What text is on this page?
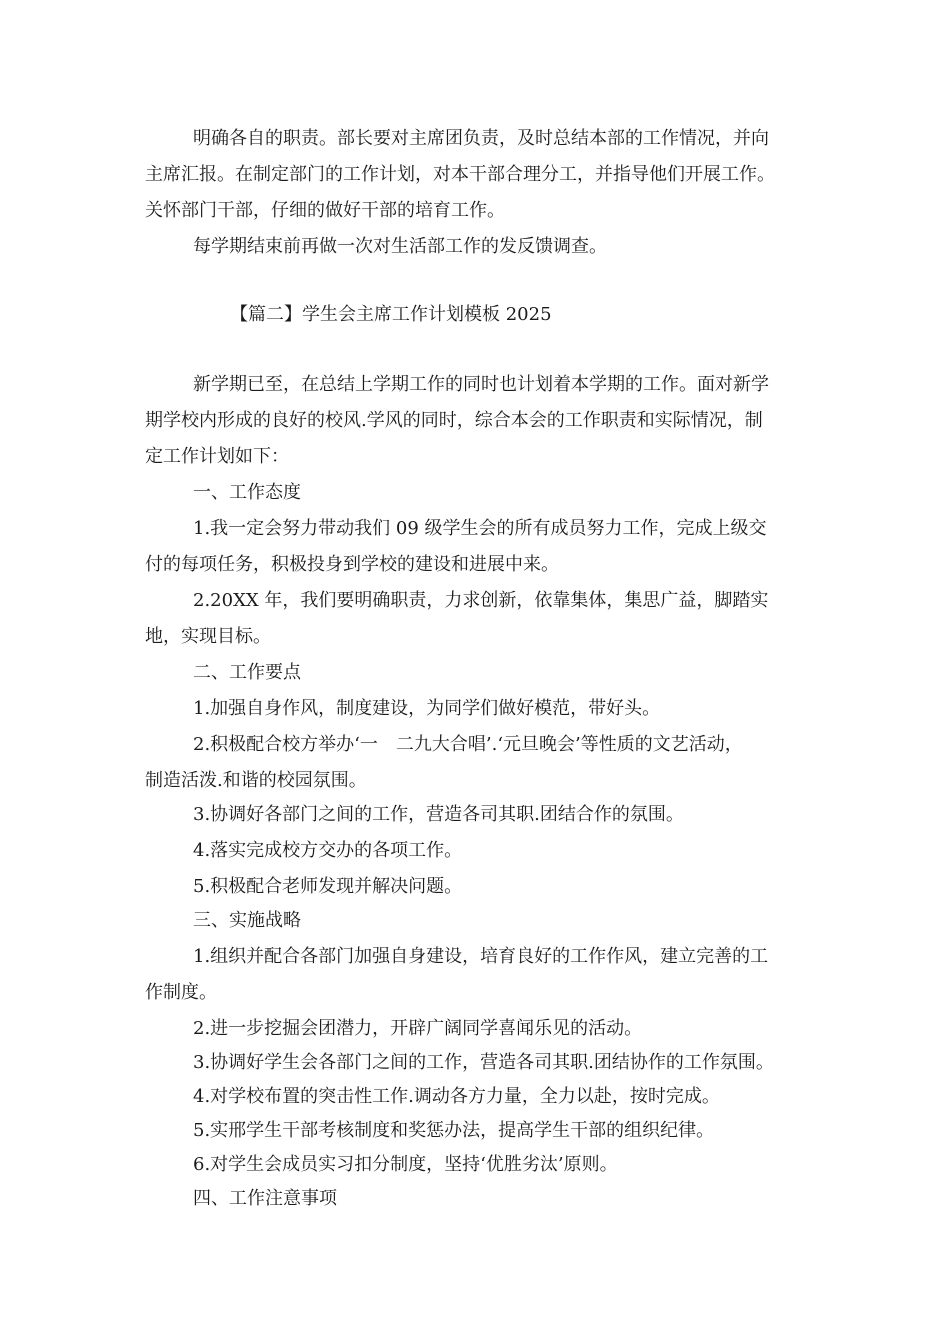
明确各自的职责。部长要对主席团负责，及时总结本部的工作情况，并向
主席汇报。在制定部门的工作计划，对本干部合理分工，并指导他们开展工作。
关怀部门干部，仔细的做好干部的培育工作。
每学期结束前再做一次对生活部工作的发反馈调查。
【篇二】学生会主席工作计划模板 2025
新学期已至，在总结上学期工作的同时也计划着本学期的工作。面对新学
期学校内形成的良好的校风.学风的同时，综合本会的工作职责和实际情况，制
定工作计划如下：
一、工作态度
1.我一定会努力带动我们 09 级学生会的所有成员努力工作，完成上级交
付的每项任务，积极投身到学校的建设和进展中来。
2.20XX 年，我们要明确职责，力求创新，依靠集体，集思广益，脚踏实
地，实现目标。
二、工作要点
1.加强自身作风，制度建设，为同学们做好模范，带好头。
2.积极配合校方举办‘一　二九大合唱’.‘元旦晚会’等性质的文艺活动，
制造活泼.和谐的校园氛围。
3.协调好各部门之间的工作，营造各司其职.团结合作的氛围。
4.落实完成校方交办的各项工作。
5.积极配合老师发现并解决问题。
三、实施战略
1.组织并配合各部门加强自身建设，培育良好的工作作风，建立完善的工
作制度。
2.进一步挖掘会团潜力，开辟广阔同学喜闻乐见的活动。
3.协调好学生会各部门之间的工作，营造各司其职.团结协作的工作氛围。
4.对学校布置的突击性工作.调动各方力量，全力以赴，按时完成。
5.实邢学生干部考核制度和奖惩办法，提高学生干部的组织纪律。
6.对学生会成员实习扣分制度，坚持‘优胜劣汰’原则。
四、工作注意事项
